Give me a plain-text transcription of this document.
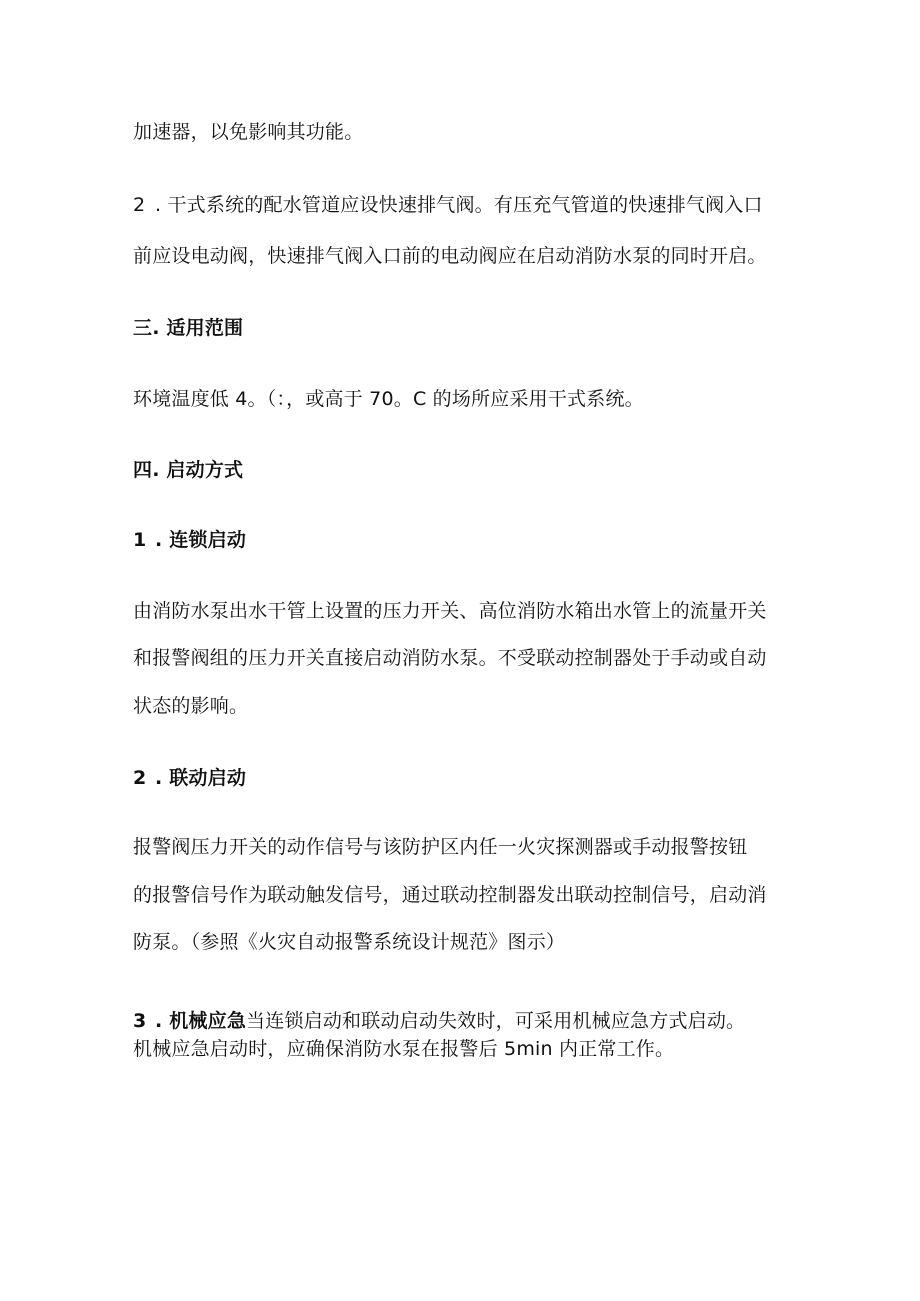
加速器，以免影响其功能。
2 . 干式系统的配水管道应设快速排气阀。有压充气管道的快速排气阀入口
前应设电动阀，快速排气阀入口前的电动阀应在启动消防水泵的同时开启。
三. 适用范围
环境温度低 4。（：，或高于 70。C 的场所应采用干式系统。
四. 启动方式
1 . 连锁启动
由消防水泵出水干管上设置的压力开关、高位消防水箱出水管上的流量开关
和报警阀组的压力开关直接启动消防水泵。不受联动控制器处于手动或自动
状态的影响。
2 . 联动启动
报警阀压力开关的动作信号与该防护区内任一火灾探测器或手动报警按钮
的报警信号作为联动触发信号，通过联动控制器发出联动控制信号，启动消
防泵。（参照《火灾自动报警系统设计规范》图示）
3 . 机械应急当连锁启动和联动启动失效时，可采用机械应急方式启动。
机械应急启动时，应确保消防水泵在报警后 5min 内正常工作。
